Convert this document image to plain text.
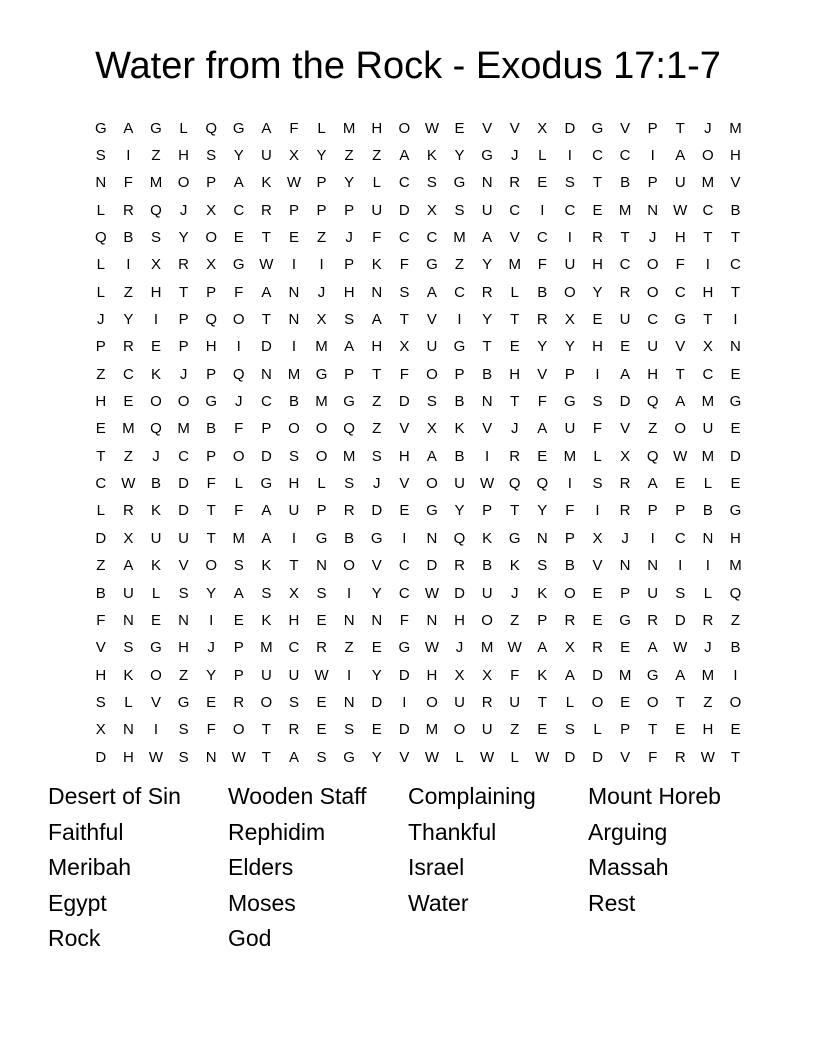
Water from the Rock - Exodus 17:1-7
G	A	G	L	Q	G	A	F	L	M	H	O W	E	V	V	X	D	G	V	P	T	J	M
S	I	Z	H	S	Y	U	X	Y	Z	Z	A	K	Y	G	J	L	I	C	C	I	A	O	H
N	F	M	O	P	A	K	W	P	Y	L	C	S	G	N	R	E	S	T	B	P	U	M	V
L	R	Q	J	X	C	R	P	P	P	U	D	X	S	U	C	I	C	E	M	N	W	C	B
Q	B	S	Y	O	E	T	E	Z	J	F	C	C	M	A	V	C	I	R	T	J	H	T	T
L	I	X	R	X	G W	I	I	P	K	F	G	Z	Y	M	F	U	H	C	O	F	I	C
L	Z	H	T	P	F	A	N	J	H	N	S	A	C	R	L	B	O	Y	R	O	C	H	T
J	Y	I	P	Q	O	T	N	X	S	A	T	V	I	Y	T	R	X	E	U	C	G	T	I
P	R	E	P	H	I	D	I	M	A	H	X	U	G	T	E	Y	Y	H	E	U	V	X	N
Z	C	K	J	P	Q	N	M	G	P	T	F	O	P	B	H	V	P	I	A	H	T	C	E
H	E	O	O	G	J	C	B	M	G	Z	D	S	B	N	T	F	G	S	D	Q	A	M	G
E	M	Q	M	B	F	P	O	O	Q	Z	V	X	K	V	J	A	U	F	V	Z	O	U	E
T	Z	J	C	P	O	D	S	O	M	S	H	A	B	I	R	E	M	L	X	Q W M	D
C	W	B	D	F	L	G	H	L	S	J	V	O	U	W Q	Q	I	S	R	A	E	L	E
L	R	K	D	T	F	A	U	P	R	D	E	G	Y	P	T	Y	F	I	R	P	P	B	G
D	X	U	U	T	M	A	I	G	B	G	I	N	Q	K	G	N	P	X	J	I	C	N	H
Z	A	K	V	O	S	K	T	N	O	V	C	D	R	B	K	S	B	V	N	N	I	I	M
B	U	L	S	Y	A	S	X	S	I	Y	C	W	D	U	J	K	O	E	P	U	S	L	Q
F	N	E	N	I	E	K	H	E	N	N	F	N	H	O	Z	P	R	E	G	R	D	R	Z
V	S	G	H	J	P	M	C	R	Z	E	G W	J	M W	A	X	R	E	A	W	J	B
H	K	O	Z	Y	P	U	U	W	I	Y	D	H	X	X	F	K	A	D	M	G	A	M	I
S	L	V	G	E	R	O	S	E	N	D	I	O	U	R	U	T	L	O	E	O	T	Z	O
X	N	I	S	F	O	T	R	E	S	E	D	M	O	U	Z	E	S	L	P	T	E	H	E
D	H	W	S	N	W	T	A	S	G	Y	V	W	L	W	L	W	D	D	V	F	R	W	T
Desert of Sin	Wooden Staff	Complaining	Mount Horeb
Faithful	Rephidim	Thankful	Arguing
Meribah	Elders	Israel	Massah
Egypt	Moses	Water	Rest
Rock	God
